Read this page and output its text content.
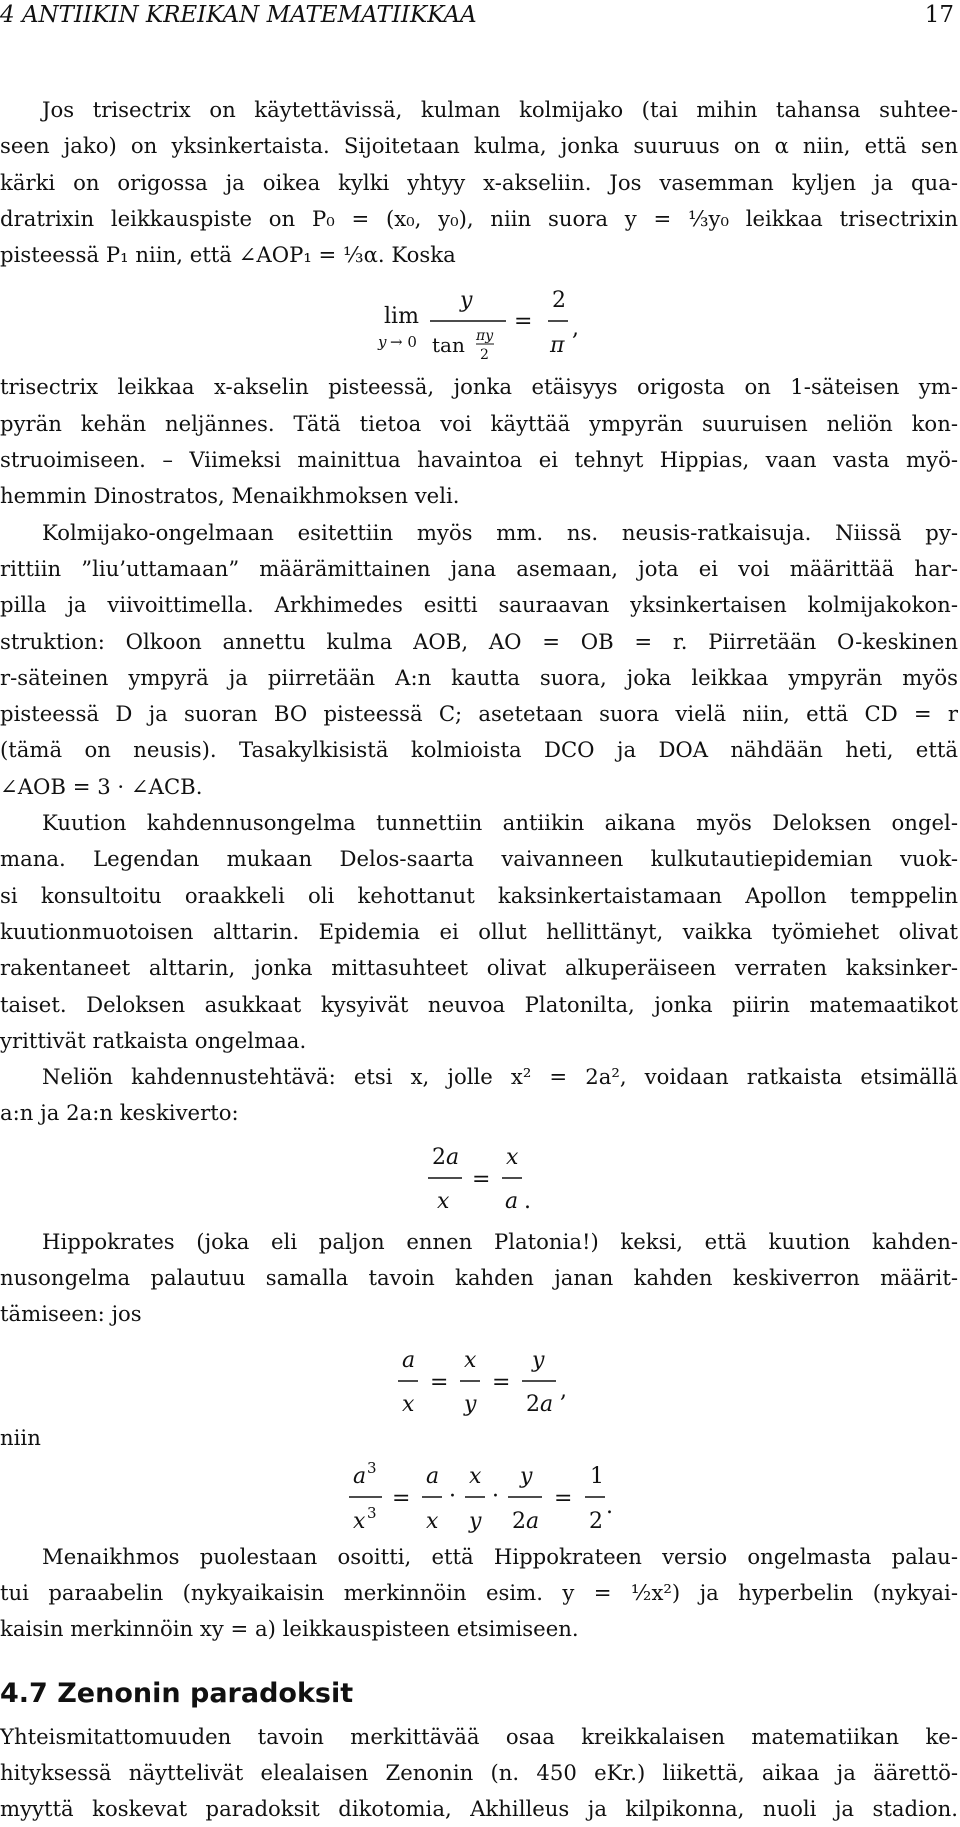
4 ANTIIKIN KREIKAN MATEMATIIKKAA	17
Jos trisectrix on käytettävissä, kulman kolmijako (tai mihin tahansa suhtee-
seen jako) on yksinkertaista. Sijoitetaan kulma, jonka suuruus on α niin, että sen
kärki on origossa ja oikea kylki yhtyy x-akseliin. Jos vasemman kyljen ja qua-
dratrixin leikkauspiste on P₀ = (x₀, y₀), niin suora y = ⅓y₀ leikkaa trisectrixin
pisteessä P₁ niin, että ∠AOP₁ = ⅓α. Koska
lim
y → 0
y
tan πy
2
=
2
π
,
trisectrix leikkaa x-akselin pisteessä, jonka etäisyys origosta on 1-säteisen ym-
pyrän kehän neljännes. Tätä tietoa voi käyttää ympyrän suuruisen neliön kon-
struoimiseen. – Viimeksi mainittua havaintoa ei tehnyt Hippias, vaan vasta myö-
hemmin Dinostratos, Menaikhmoksen veli.
Kolmijako-ongelmaan esitettiin myös mm. ns. neusis-ratkaisuja. Niissä py-
rittiin ”liu’uttamaan” määrämittainen jana asemaan, jota ei voi määrittää har-
pilla ja viivoittimella. Arkhimedes esitti sauraavan yksinkertaisen kolmijakokon-
struktion: Olkoon annettu kulma AOB, AO = OB = r. Piirretään O-keskinen
r-säteinen ympyrä ja piirretään A:n kautta suora, joka leikkaa ympyrän myös
pisteessä D ja suoran BO pisteessä C; asetetaan suora vielä niin, että CD = r
(tämä on neusis). Tasakylkisistä kolmioista DCO ja DOA nähdään heti, että
∠AOB = 3 · ∠ACB.
Kuution kahdennusongelma tunnettiin antiikin aikana myös Deloksen ongel-
mana. Legendan mukaan Delos-saarta vaivanneen kulkutautiepidemian vuok-
si konsultoitu oraakkeli oli kehottanut kaksinkertaistamaan Apollon temppelin
kuutionmuotoisen alttarin. Epidemia ei ollut hellittänyt, vaikka työmiehet olivat
rakentaneet alttarin, jonka mittasuhteet olivat alkuperäiseen verraten kaksinker-
taiset. Deloksen asukkaat kysyivät neuvoa Platonilta, jonka piirin matemaatikot
yrittivät ratkaista ongelmaa.
Neliön kahdennustehtävä: etsi x, jolle x² = 2a², voidaan ratkaista etsimällä
a:n ja 2a:n keskiverto:
2a
x
=
x
a .
Hippokrates (joka eli paljon ennen Platonia!) keksi, että kuution kahden-
nusongelma palautuu samalla tavoin kahden janan kahden keskiverron määrit-
tämiseen: jos
a
x
=
x
y
=
y
2a
,
a 3
x 3
=
a
x
·
x
y
·
y
2a
=
1
2
.
niin
Menaikhmos puolestaan osoitti, että Hippokrateen versio ongelmasta palau-
tui paraabelin (nykyaikaisin merkinnöin esim. y = ½x²) ja hyperbelin (nykyai-
kaisin merkinnöin xy = a) leikkauspisteen etsimiseen.
4.7 Zenonin paradoksit
Yhteismitattomuuden tavoin merkittävää osaa kreikkalaisen matematiikan ke-
hityksessä näyttelivät elealaisen Zenonin (n. 450 eKr.) liikettä, aikaa ja äärettö-
myyttä koskevat paradoksit dikotomia, Akhilleus ja kilpikonna, nuoli ja stadion.
